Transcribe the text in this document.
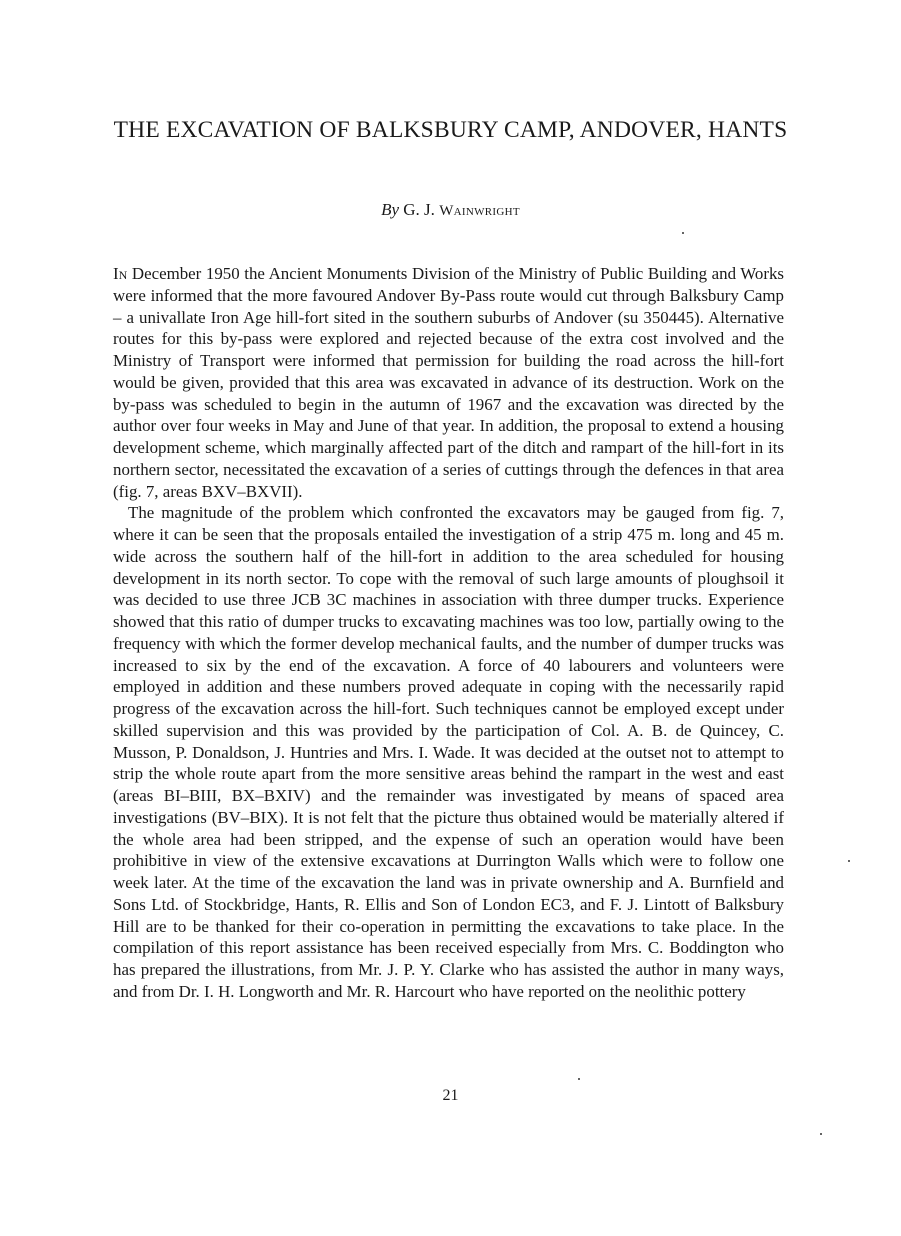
THE EXCAVATION OF BALKSBURY CAMP, ANDOVER, HANTS

By G. J. Wainwright

In December 1950 the Ancient Monuments Division of the Ministry of Public Building and Works were informed that the more favoured Andover By-Pass route would cut through Balksbury Camp – a univallate Iron Age hill-fort sited in the southern suburbs of Andover (su 350445). Alternative routes for this by-pass were explored and rejected because of the extra cost involved and the Ministry of Transport were informed that permission for building the road across the hill-fort would be given, provided that this area was excavated in advance of its destruction. Work on the by-pass was scheduled to begin in the autumn of 1967 and the excavation was directed by the author over four weeks in May and June of that year. In addition, the proposal to extend a housing development scheme, which marginally affected part of the ditch and rampart of the hill-fort in its northern sector, necessitated the excavation of a series of cuttings through the defences in that area (fig. 7, areas BXV–BXVII).

The magnitude of the problem which confronted the excavators may be gauged from fig. 7, where it can be seen that the proposals entailed the investigation of a strip 475 m. long and 45 m. wide across the southern half of the hill-fort in addition to the area scheduled for housing development in its north sector. To cope with the removal of such large amounts of ploughsoil it was decided to use three JCB 3C machines in association with three dumper trucks. Experience showed that this ratio of dumper trucks to excavating machines was too low, partially owing to the frequency with which the former develop mechanical faults, and the number of dumper trucks was increased to six by the end of the excavation. A force of 40 labourers and volunteers were employed in addition and these numbers proved adequate in coping with the necessarily rapid progress of the excavation across the hill-fort. Such techniques cannot be employed except under skilled supervision and this was provided by the participation of Col. A. B. de Quincey, C. Musson, P. Donaldson, J. Huntries and Mrs. I. Wade. It was decided at the outset not to attempt to strip the whole route apart from the more sensitive areas behind the rampart in the west and east (areas BI–BIII, BX–BXIV) and the remainder was investigated by means of spaced area investigations (BV–BIX). It is not felt that the picture thus obtained would be materially altered if the whole area had been stripped, and the expense of such an operation would have been prohibitive in view of the extensive excavations at Durrington Walls which were to follow one week later. At the time of the excavation the land was in private ownership and A. Burnfield and Sons Ltd. of Stockbridge, Hants, R. Ellis and Son of London EC3, and F. J. Lintott of Balksbury Hill are to be thanked for their co-operation in permitting the excavations to take place. In the compilation of this report assistance has been received especially from Mrs. C. Boddington who has prepared the illustrations, from Mr. J. P. Y. Clarke who has assisted the author in many ways, and from Dr. I. H. Longworth and Mr. R. Harcourt who have reported on the neolithic pottery

21
